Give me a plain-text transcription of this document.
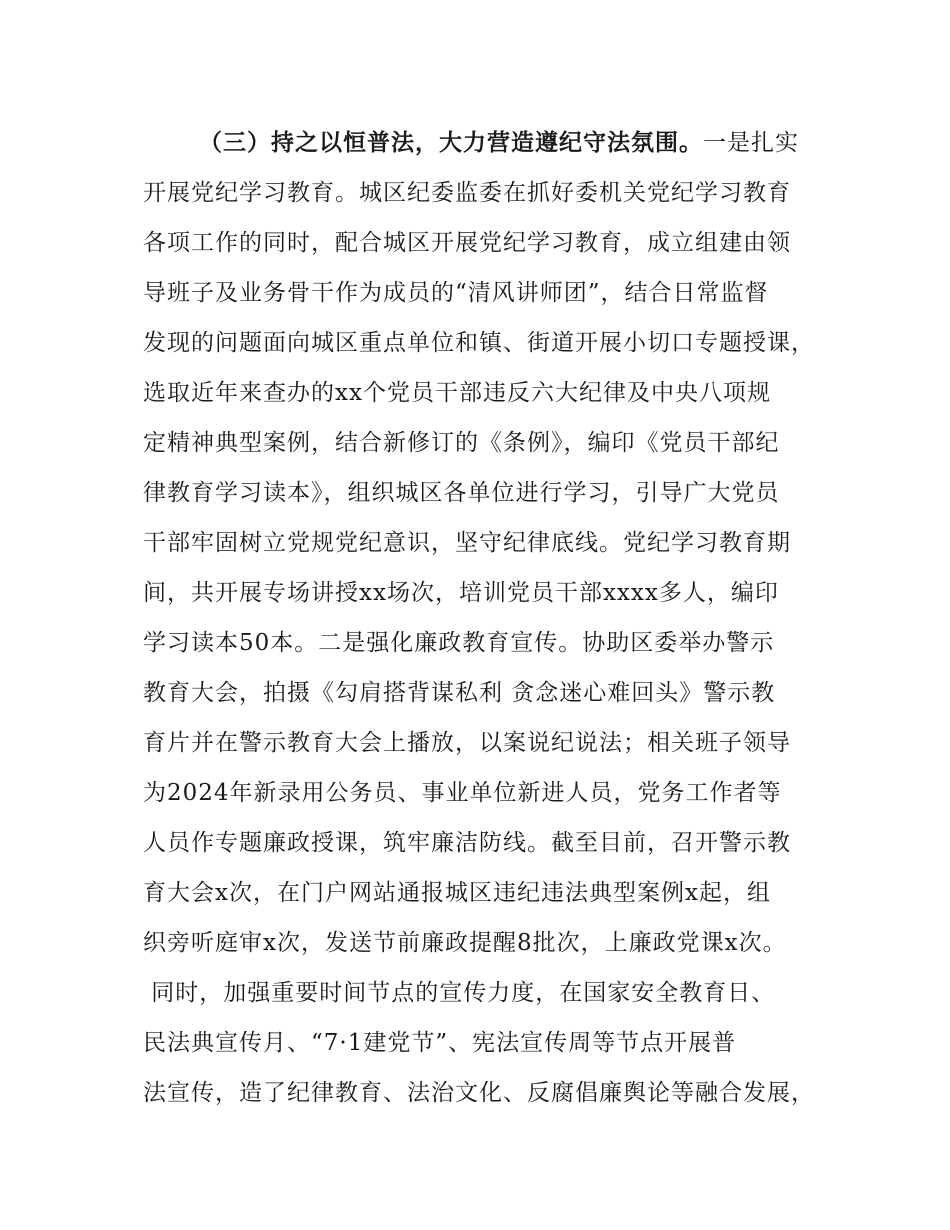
（三）持之以恒普法，大力营造遵纪守法氛围。一是扎实
开展党纪学习教育。城区纪委监委在抓好委机关党纪学习教育
各项工作的同时，配合城区开展党纪学习教育，成立组建由领
导班子及业务骨干作为成员的“清风讲师团”，结合日常监督
发现的问题面向城区重点单位和镇、街道开展小切口专题授课，
选取近年来查办的xx个党员干部违反六大纪律及中央八项规
定精神典型案例，结合新修订的《条例》，编印《党员干部纪
律教育学习读本》，组织城区各单位进行学习，引导广大党员
干部牢固树立党规党纪意识，坚守纪律底线。党纪学习教育期
间，共开展专场讲授xx场次，培训党员干部xxxx多人，编印
学习读本50本。二是强化廉政教育宣传。协助区委举办警示
教育大会，拍摄《勾肩搭背谋私利 贪念迷心难回头》警示教
育片并在警示教育大会上播放，以案说纪说法；相关班子领导
为2024年新录用公务员、事业单位新进人员，党务工作者等
人员作专题廉政授课，筑牢廉洁防线。截至目前，召开警示教
育大会x次，在门户网站通报城区违纪违法典型案例x起，组
织旁听庭审x次，发送节前廉政提醒8批次，上廉政党课x次。
同时，加强重要时间节点的宣传力度，在国家安全教育日、
民法典宣传月、“7·1建党节”、宪法宣传周等节点开展普
法宣传，造了纪律教育、法治文化、反腐倡廉舆论等融合发展，
